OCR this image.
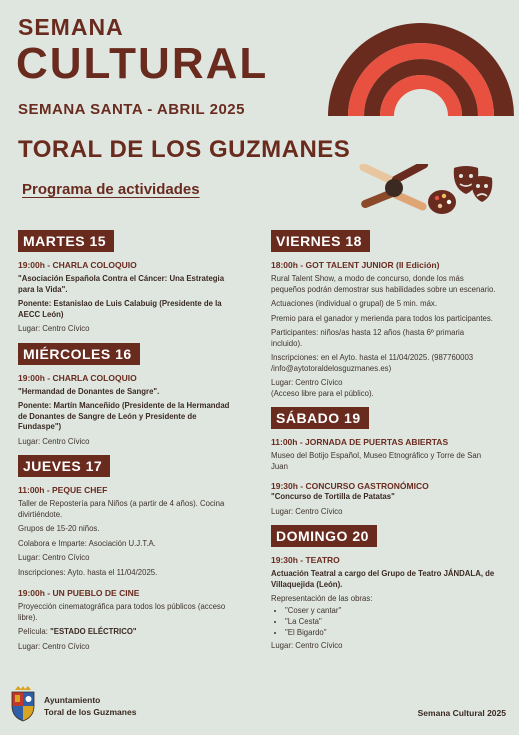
SEMANA
CULTURAL
SEMANA SANTA - ABRIL 2025
TORAL DE LOS GUZMANES
Programa de actividades
MARTES 15
19:00h - CHARLA COLOQUIO

"Asociación Española Contra el Cáncer: Una Estrategia para la Vida".

Ponente: Estanislao de Luis Calabuig (Presidente de la AECC León)

Lugar: Centro Cívico

MIÉRCOLES 16
19:00h - CHARLA COLOQUIO

"Hermandad de Donantes de Sangre".

Ponente: Martín Manceñido (Presidente de la Hermandad de Donantes de Sangre de León y Presidente de Fundaspe")

Lugar: Centro Cívico

JUEVES 17
11:00h - PEQUE CHEF

Taller de Repostería para Niños (a partir de 4 años). Cocina divirtiéndote.

Grupos de 15-20 niños.

Colabora e Imparte: Asociación U.J.T.A.

Lugar: Centro Cívico

Inscripciones: Ayto. hasta el 11/04/2025.

19:00h - UN PUEBLO DE CINE

Proyección cinematográfica para todos los públicos (acceso libre).

Película: "ESTADO ELÉCTRICO"

Lugar: Centro Cívico

VIERNES 18
18:00h - GOT TALENT JUNIOR (II Edición)

Rural Talent Show, a modo de concurso, donde los más pequeños podrán demostrar sus habilidades sobre un escenario.

Actuaciones (individual o grupal) de 5 min. máx.

Premio para el ganador y merienda para todos los participantes.

Participantes: niños/as hasta 12 años (hasta 6º primaria incluido).

Inscripciones: en el Ayto. hasta el 11/04/2025. (987760003 /info@aytotoraldelosguzmanes.es)

Lugar: Centro Cívico

(Acceso libre para el público).

SÁBADO 19
11:00h - JORNADA DE PUERTAS ABIERTAS

Museo del Botijo Español, Museo Etnográfico y Torre de San Juan

19:30h - CONCURSO GASTRONÓMICO

"Concurso de Tortilla de Patatas"

Lugar: Centro Cívico

DOMINGO 20
19:30h - TEATRO

Actuación Teatral a cargo del Grupo de Teatro JÁNDALA, de Villaquejida (León).

Representación de las obras:

• "Coser y cantar"
• "La Cesta"
• "El Bigardo"

Lugar: Centro Cívico

Ayuntamiento
Toral de los Guzmanes	Semana Cultural 2025
